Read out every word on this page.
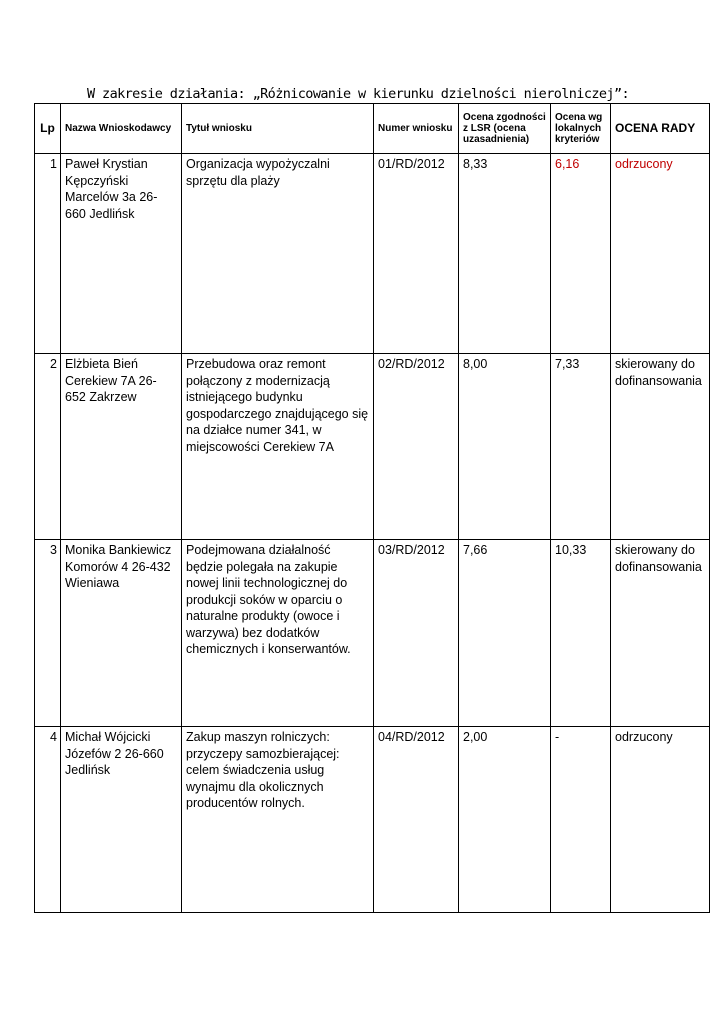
W zakresie działania: „Różnicowanie w kierunku dzielności nierolniczej”:
Lp	Nazwa Wnioskodawcy	Tytuł wniosku	Numer wniosku	Ocena zgodności z LSR (ocena uzasadnienia)	Ocena wg lokalnych kryteriów	OCENA RADY
1	Paweł Krystian Kępczyński Marcelów 3a 26-660 Jedlińsk	Organizacja wypożyczalni sprzętu dla plaży	01/RD/2012	8,33	6,16	odrzucony
2	Elżbieta Bień Cerekiew 7A 26-652 Zakrzew	Przebudowa oraz remont połączony z modernizacją istniejącego budynku gospodarczego znajdującego się na działce numer 341, w miejscowości Cerekiew 7A	02/RD/2012	8,00	7,33	skierowany do dofinansowania
3	Monika Bankiewicz Komorów 4 26-432 Wieniawa	Podejmowana działalność będzie polegała na zakupie nowej linii technologicznej do produkcji soków w oparciu o naturalne produkty (owoce i warzywa) bez dodatków chemicznych i konserwantów.	03/RD/2012	7,66	10,33	skierowany do dofinansowania
4	Michał Wójcicki Józefów 2 26-660 Jedlińsk	Zakup maszyn rolniczych: przyczepy samozbierającej: celem świadczenia usług wynajmu dla okolicznych producentów rolnych.	04/RD/2012	2,00	-	odrzucony
